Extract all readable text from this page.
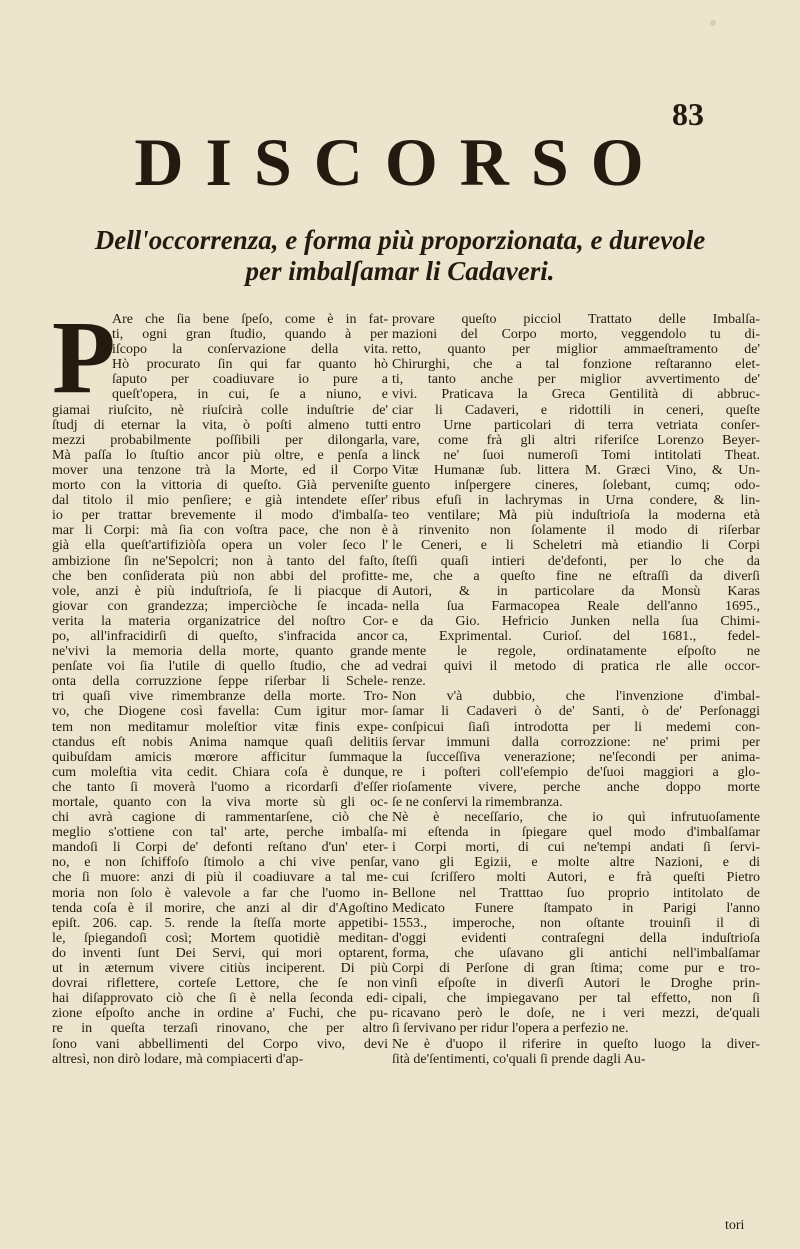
83
DISCORSO
Dell'occorrenza, e forma più proporzionata, e durevole
per imbalſamar li Cadaveri.
P
Are che ſia bene ſpeſo, come è in fat-
ti, ogni gran ſtudio, quando à per
iſcopo la conſervazione della vita.
Hò procurato ſin qui far quanto hò
ſaputo per coadiuvare io pure a
queſt'opera, in cui, ſe a niuno, e
giamai riuſcito, nè riuſcirà colle induſtrie de'
ſtudj di eternar la vita, ò poſti almeno tutti
mezzi probabilmente poſſibili per dilongarla,
Mà paſſa lo ſtuſtio ancor più oltre, e penſa a
mover una tenzone trà la Morte, ed il Corpo
morto con la vittoria di queſto. Già perveniſte
dal titolo il mio penſiere; e già intendete eſſer'
io per trattar brevemente il modo d'imbalſa-
mar li Corpi: mà ſia con voſtra pace, che non è
già ella queſt'artifiziòſa opera un voler ſeco l'
ambizione ſin ne'Sepolcri; non à tanto del faſto,
che ben conſiderata più non abbi del profitte-
vole, anzi è più induſtrioſa, ſe li piacque di
giovar con grandezza; imperciòche ſe incada-
verita la materia organizatrice del noſtro Cor-
po, all'infracidirſi di queſto, s'infracida ancor
ne'vivi la memoria della morte, quanto grande
penſate voi ſia l'utile di quello ſtudio, che ad
onta della corruzzione ſeppe riſerbar li Schele-
tri quaſi vive rimembranze della morte. Tro-
vo, che Diogene così favella: Cum igitur mor-
tem non meditamur moleſtior vitæ finis expe-
ctandus eſt nobis Anima namque quaſi delitiis
quibuſdam amicis mœrore afficitur ſummaque
cum moleſtia vita cedit. Chiara coſa è dunque,
che tanto ſi moverà l'uomo a ricordarſi d'eſſer
mortale, quanto con la viva morte sù gli oc-
chi avrà cagione di rammentarſene, ciò che
meglio s'ottiene con tal' arte, perche imbalſa-
mandoſi li Corpi de' defonti reſtano d'un' eter-
no, e non ſchiffoſo ſtimolo a chi vive penſar,
che ſi muore: anzi di più il coadiuvare a tal me-
moria non ſolo è valevole a far che l'uomo in-
tenda coſa è il morire, che anzi al dir d'Agoſtino
epiſt. 206. cap. 5. rende la ſteſſa morte appetibi-
le, ſpiegandoſi così; Mortem quotidiè meditan-
do inventi ſunt Dei Servi, qui mori optarent,
ut in æternum vivere citiùs inciperent. Di più
dovrai riflettere, corteſe Lettore, che ſe non
hai diſapprovato ciò che ſi è nella ſeconda edi-
zione eſpoſto anche in ordine a' Fuchi, che pu-
re in queſta terzaſi rinovano, che per altro
ſono vani abbellimenti del Corpo vivo, devi
altresì, non dirò lodare, mà compiacerti d'ap-
provare queſto picciol Trattato delle Imbalſa-
mazioni del Corpo morto, veggendolo tu di-
retto, quanto per miglior ammaeſtramento de'
Chirurghi, che a tal fonzione reſtaranno elet-
ti, tanto anche per miglior avvertimento de'
vivi. Praticava la Greca Gentilità di abbruc-
ciar li Cadaveri, e ridottili in ceneri, queſte
entro Urne particolari di terra vetriata conſer-
vare, come frà gli altri riferiſce Lorenzo Beyer-
linck ne' ſuoi numeroſi Tomi intitolati Theat.
Vitæ Humanæ ſub. littera M. Græci Vino, & Un-
guento inſpergere cineres, ſolebant, cumq; odo-
ribus efuſi in lachrymas in Urna condere, & lin-
teo ventilare; Mà più induſtrioſa la moderna età
à rinvenito non ſolamente il modo di riſerbar
le Ceneri, e li Scheletri mà etiandio li Corpi
ſteſſi quaſi intieri de'defonti, per lo che da
me, che a queſto fine ne eſtraſſi da diverſi
Autori, & in particolare da Monsù Karas
nella ſua Farmacopea Reale dell'anno 1695.,
e da Gio. Hefricio Junken nella ſua Chimi-
ca, Exprimental. Curioſ. del 1681., fedel-
mente le regole, ordinatamente eſpoſto ne
vedrai quivi il metodo di pratica rle alle occor-
renze.
Non v'à dubbio, che l'invenzione d'imbal-
ſamar li Cadaveri ò de' Santi, ò de' Perſonaggi
conſpicui ſiaſi introdotta per li medemi con-
ſervar immuni dalla corrozzione: ne' primi per
la ſucceſſiva venerazione; ne'ſecondi per anima-
re i poſteri coll'eſempio de'ſuoi maggiori a glo-
rioſamente vivere, perche anche doppo morte
ſe ne conſervi la rimembranza.
Nè è neceſſario, che io quì infrutuoſamente
mi eſtenda in ſpiegare quel modo d'imbalſamar
i Corpi morti, di cui ne'tempi andati ſi ſervi-
vano gli Egizii, e molte altre Nazioni, e di
cui ſcriſſero molti Autori, e frà queſti Pietro
Bellone nel Tratttao ſuo proprio intitolato de
Medicato Funere ſtampato in Parigi l'anno
1553., imperoche, non oſtante trouinſi il dì
d'oggi evidenti contraſegni della induſtrioſa
forma, che uſavano gli antichi nell'imbalſamar
Corpi di Perſone di gran ſtima; come pur e tro-
vinſi eſpoſte in diverſi Autori le Droghe prin-
cipali, che impiegavano per tal effetto, non ſi
ricavano però le doſe, ne i veri mezzi, de'quali
ſi ſervivano per ridur l'opera a perfezio ne.
Ne è d'uopo il riferire in queſto luogo la diver-
ſità de'ſentimenti, co'quali ſi prende dagli Au-
tori
